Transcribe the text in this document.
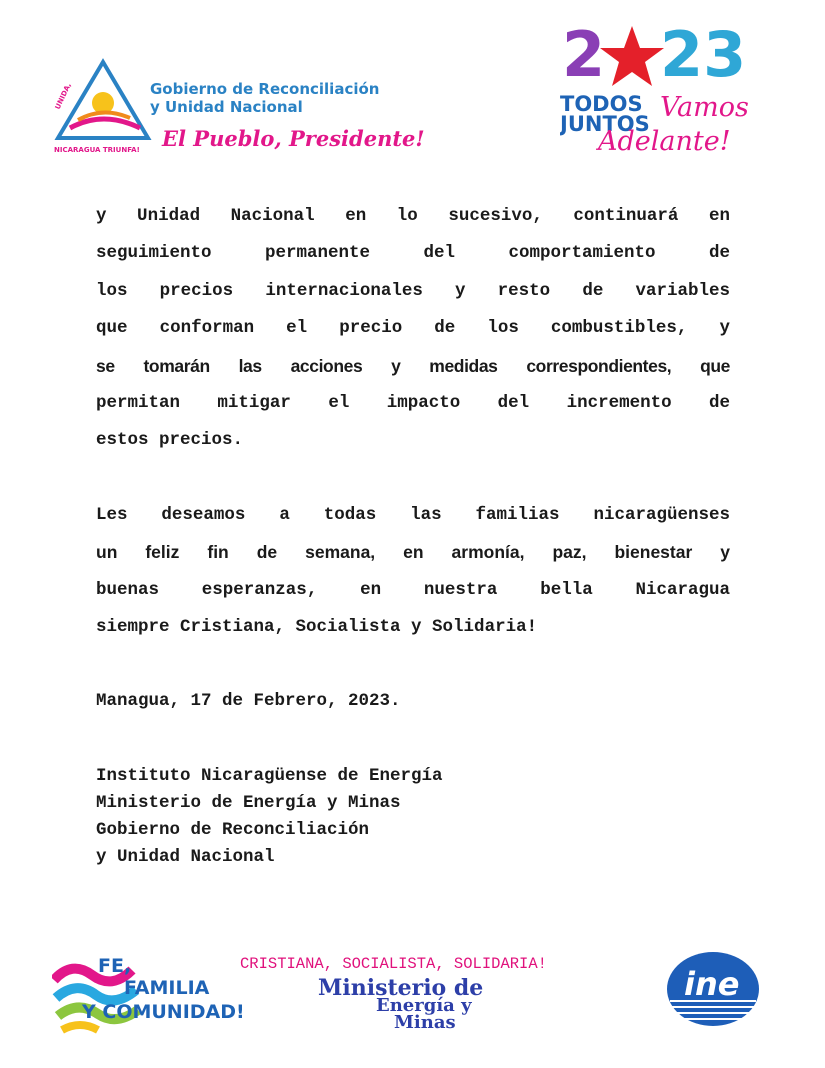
UNIDA,
NICARAGUA TRIUNFA!
Gobierno de Reconciliación
y Unidad Nacional
El Pueblo, Presidente!
2 23
TODOS
JUNTOS
Vamos
Adelante!

y Unidad Nacional en lo sucesivo, continuará en
seguimiento permanente del comportamiento de
los precios internacionales y resto de variables
que conforman el precio de los combustibles, y
se tomarán las acciones y medidas correspondientes, que
permitan mitigar el impacto del incremento de
estos precios.

Les deseamos a todas las familias nicaragüenses
un feliz fin de semana, en armonía, paz, bienestar y
buenas esperanzas, en nuestra bella Nicaragua
siempre Cristiana, Socialista y Solidaria!

Managua, 17 de Febrero, 2023.

Instituto Nicaragüense de Energía
Ministerio de Energía y Minas
Gobierno de Reconciliación
y Unidad Nacional
FE,
FAMILIA
Y COMUNIDAD!
CRISTIANA, SOCIALISTA, SOLIDARIA!
Ministerio de
Energía y
Minas
ine
